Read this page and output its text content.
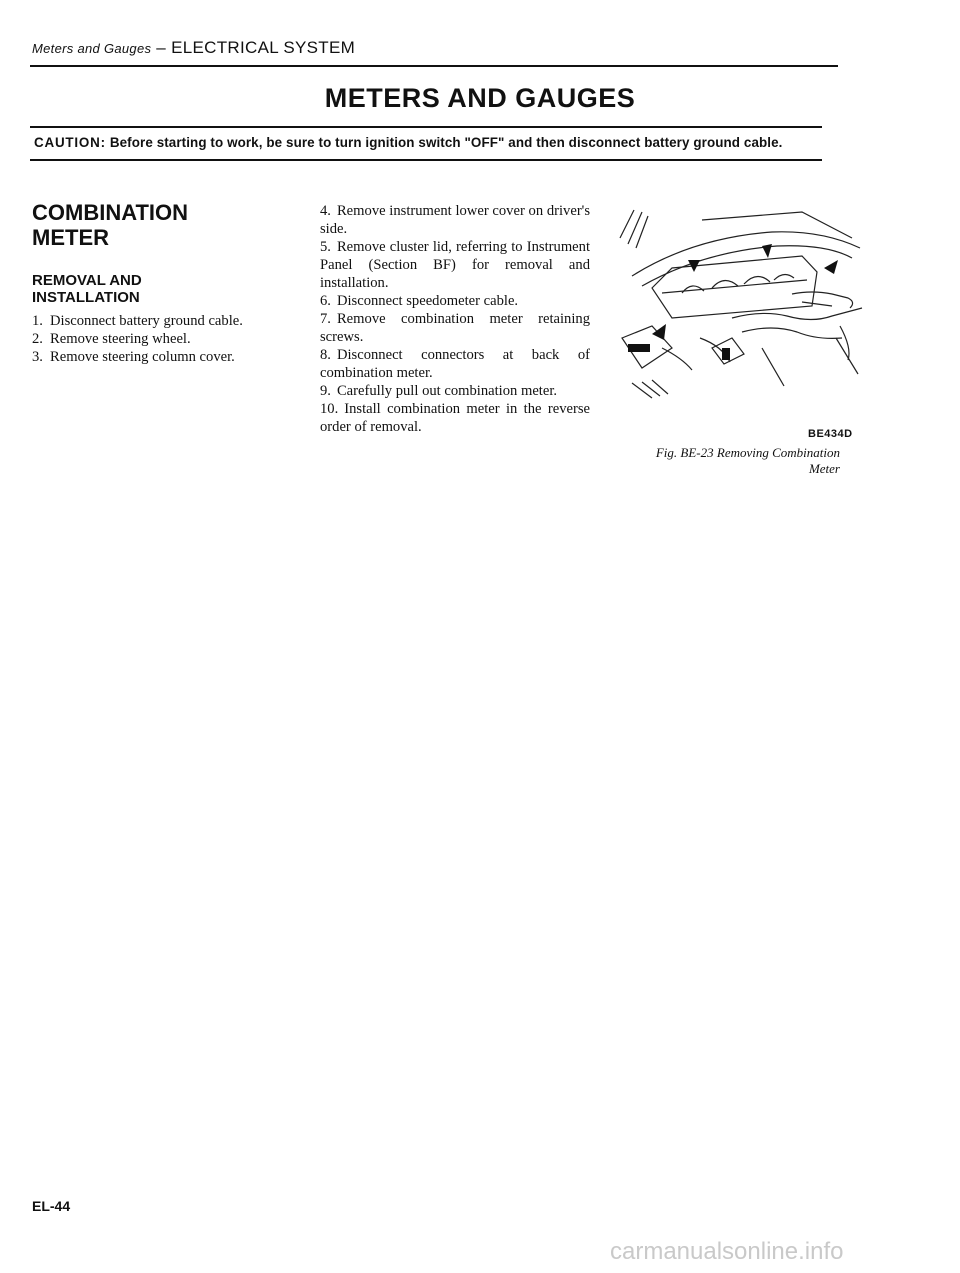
Meters and Gauges – ELECTRICAL SYSTEM
METERS AND GAUGES
CAUTION: Before starting to work, be sure to turn ignition switch "OFF" and then disconnect battery ground cable.
COMBINATION
METER
REMOVAL AND
INSTALLATION
1. Disconnect battery ground cable.
2. Remove steering wheel.
3. Remove steering column cover.
4. Remove instrument lower cover on driver's side.
5. Remove cluster lid, referring to Instrument Panel (Section BF) for removal and installation.
6. Disconnect speedometer cable.
7. Remove combination meter retaining screws.
8. Disconnect connectors at back of combination meter.
9. Carefully pull out combination meter.
10. Install combination meter in the reverse order of removal.	BE434D
Fig. BE-23 Removing Combination
Meter
EL-44
carmanualsonline.info
